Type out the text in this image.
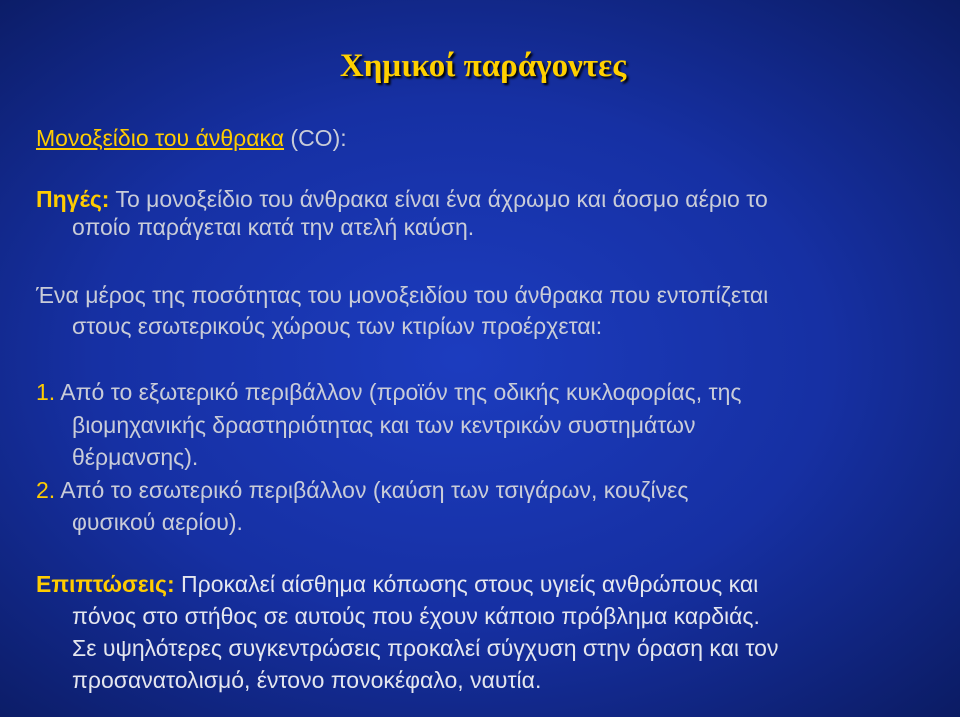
Χημικοί παράγοντες
Μονοξείδιο του άνθρακα (CO):
Πηγές: Το μονοξείδιο του άνθρακα είναι ένα άχρωμο και άοσμο αέριο το
οποίο παράγεται κατά την ατελή καύση.
Ένα μέρος της ποσότητας του μονοξειδίου του άνθρακα που εντοπίζεται
στους εσωτερικούς χώρους των κτιρίων προέρχεται:
1. Από το εξωτερικό περιβάλλον (προϊόν της οδικής κυκλοφορίας, της
βιομηχανικής δραστηριότητας και των κεντρικών συστημάτων
θέρμανσης).
2. Από το εσωτερικό περιβάλλον (καύση των τσιγάρων, κουζίνες
φυσικού αερίου).
Επιπτώσεις: Προκαλεί αίσθημα κόπωσης στους υγιείς ανθρώπους και
πόνος στο στήθος σε αυτούς που έχουν κάποιο πρόβλημα καρδιάς.
Σε υψηλότερες συγκεντρώσεις προκαλεί σύγχυση στην όραση και τον
προσανατολισμό, έντονο πονοκέφαλο, ναυτία.
